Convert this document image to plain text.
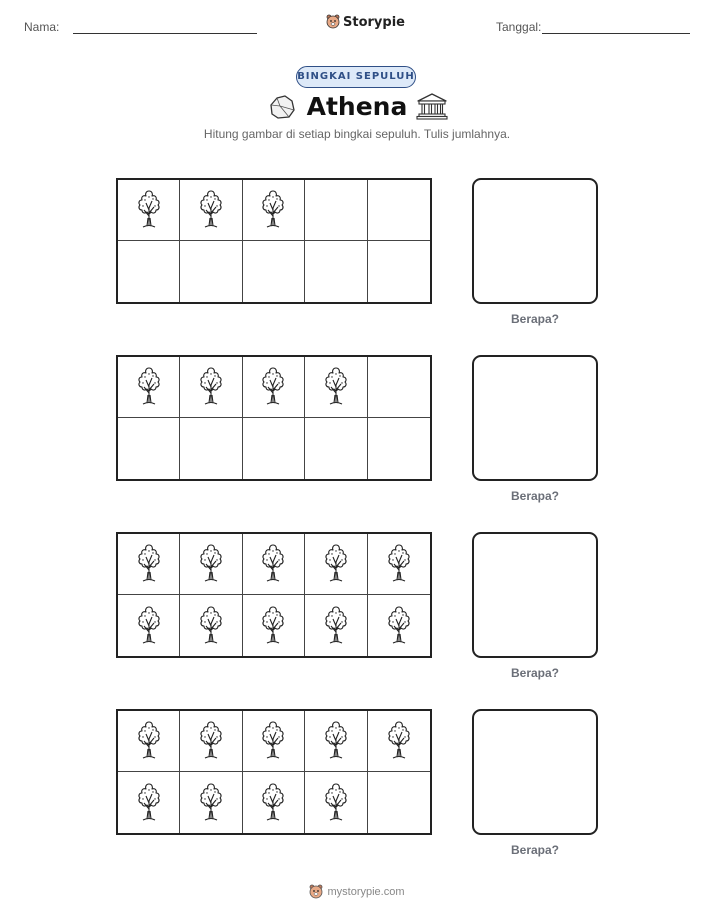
Nama:	Storypie	Tanggal:
BINGKAI SEPULUH
Athena
Hitung gambar di setiap bingkai sepuluh. Tulis jumlahnya.
Berapa?
Berapa?
Berapa?
Berapa?
mystorypie.com
